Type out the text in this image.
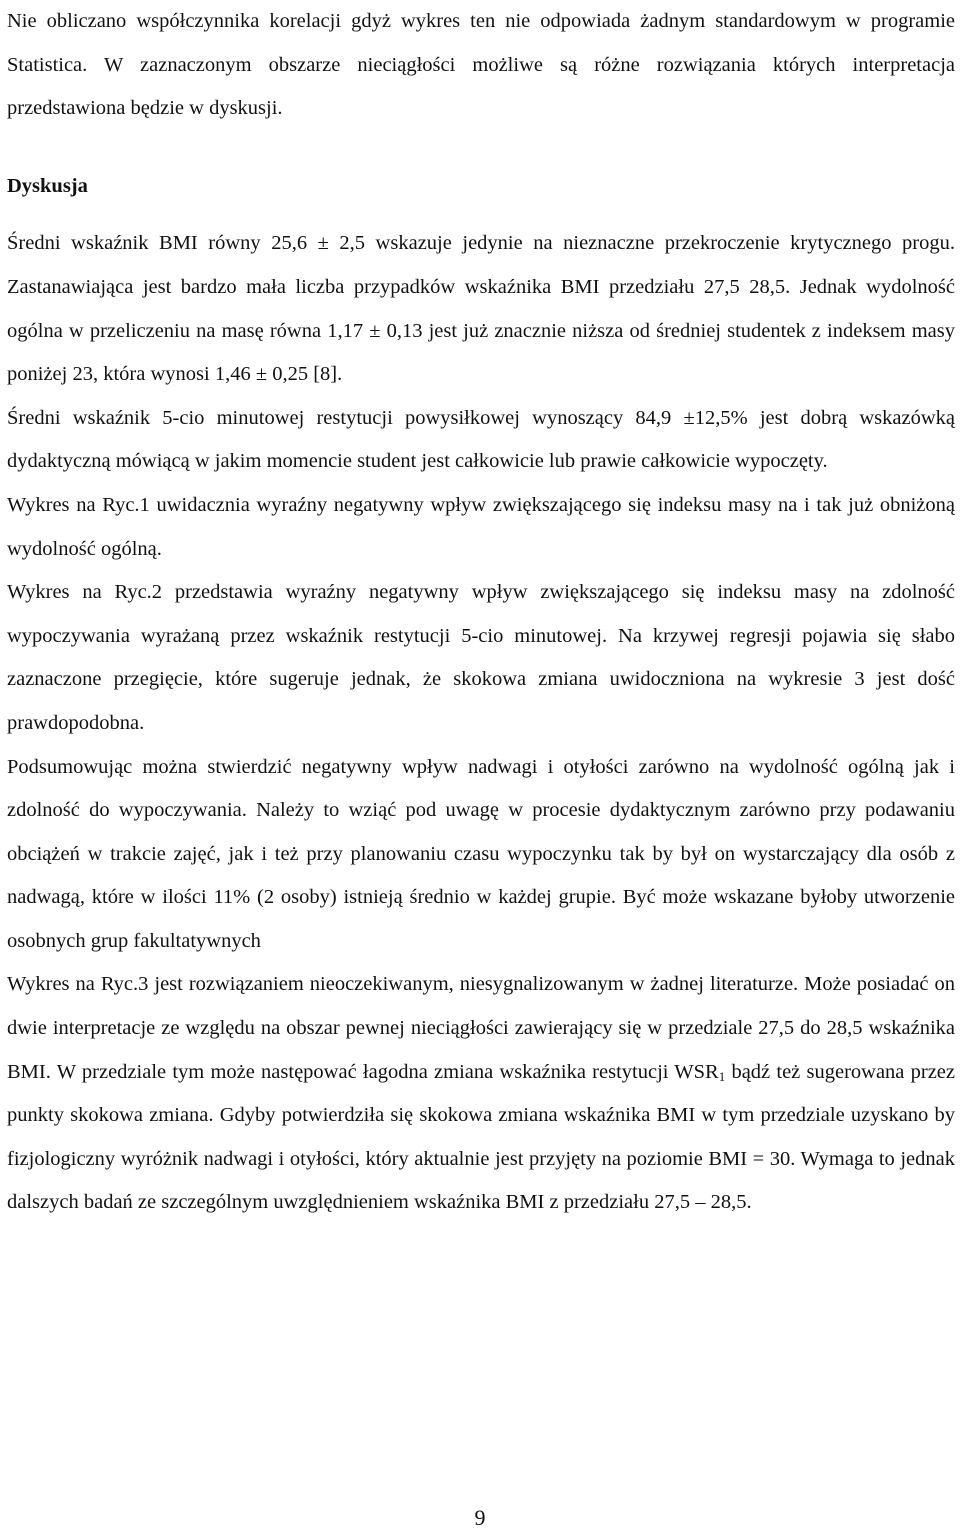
Nie obliczano współczynnika korelacji gdyż wykres ten nie odpowiada żadnym standardowym w programie Statistica. W zaznaczonym obszarze nieciągłości możliwe są różne rozwiązania których interpretacja przedstawiona będzie w dyskusji.

Dyskusja

Średni wskaźnik BMI równy 25,6 ± 2,5 wskazuje jedynie na nieznaczne przekroczenie krytycznego progu. Zastanawiająca jest bardzo mała liczba przypadków wskaźnika BMI przedziału 27,5 28,5. Jednak wydolność ogólna w przeliczeniu na masę równa 1,17 ± 0,13 jest już znacznie niższa od średniej studentek z indeksem masy poniżej 23, która wynosi 1,46 ± 0,25 [8].

Średni wskaźnik 5-cio minutowej restytucji powysiłkowej wynoszący 84,9 ±12,5% jest dobrą wskazówką dydaktyczną mówiącą w jakim momencie student jest całkowicie lub prawie całkowicie wypoczęty.

Wykres na Ryc.1 uwidacznia wyraźny negatywny wpływ zwiększającego się indeksu masy na i tak już obniżoną wydolność ogólną.

Wykres na Ryc.2 przedstawia wyraźny negatywny wpływ zwiększającego się indeksu masy na zdolność wypoczywania wyrażaną przez wskaźnik restytucji 5-cio minutowej. Na krzywej regresji pojawia się słabo zaznaczone przegięcie, które sugeruje jednak, że skokowa zmiana uwidoczniona na wykresie 3 jest dość prawdopodobna.

Podsumowując można stwierdzić negatywny wpływ nadwagi i otyłości zarówno na wydolność ogólną jak i zdolność do wypoczywania. Należy to wziąć pod uwagę w procesie dydaktycznym zarówno przy podawaniu obciążeń w trakcie zajęć, jak i też przy planowaniu czasu wypoczynku tak by był on wystarczający dla osób z nadwagą, które w ilości 11% (2 osoby) istnieją średnio w każdej grupie. Być może wskazane byłoby utworzenie osobnych grup fakultatywnych

Wykres na Ryc.3 jest rozwiązaniem nieoczekiwanym, niesygnalizowanym w żadnej literaturze. Może posiadać on dwie interpretacje ze względu na obszar pewnej nieciągłości zawierający się w przedziale 27,5 do 28,5 wskaźnika BMI. W przedziale tym może następować łagodna zmiana wskaźnika restytucji $WSR_1$ bądź też sugerowana przez punkty skokowa zmiana. Gdyby potwierdziła się skokowa zmiana wskaźnika BMI w tym przedziale uzyskano by fizjologiczny wyróżnik nadwagi i otyłości, który aktualnie jest przyjęty na poziomie BMI = 30. Wymaga to jednak dalszych badań ze szczególnym uwzględnieniem wskaźnika BMI z przedziału 27,5 – 28,5.

9
